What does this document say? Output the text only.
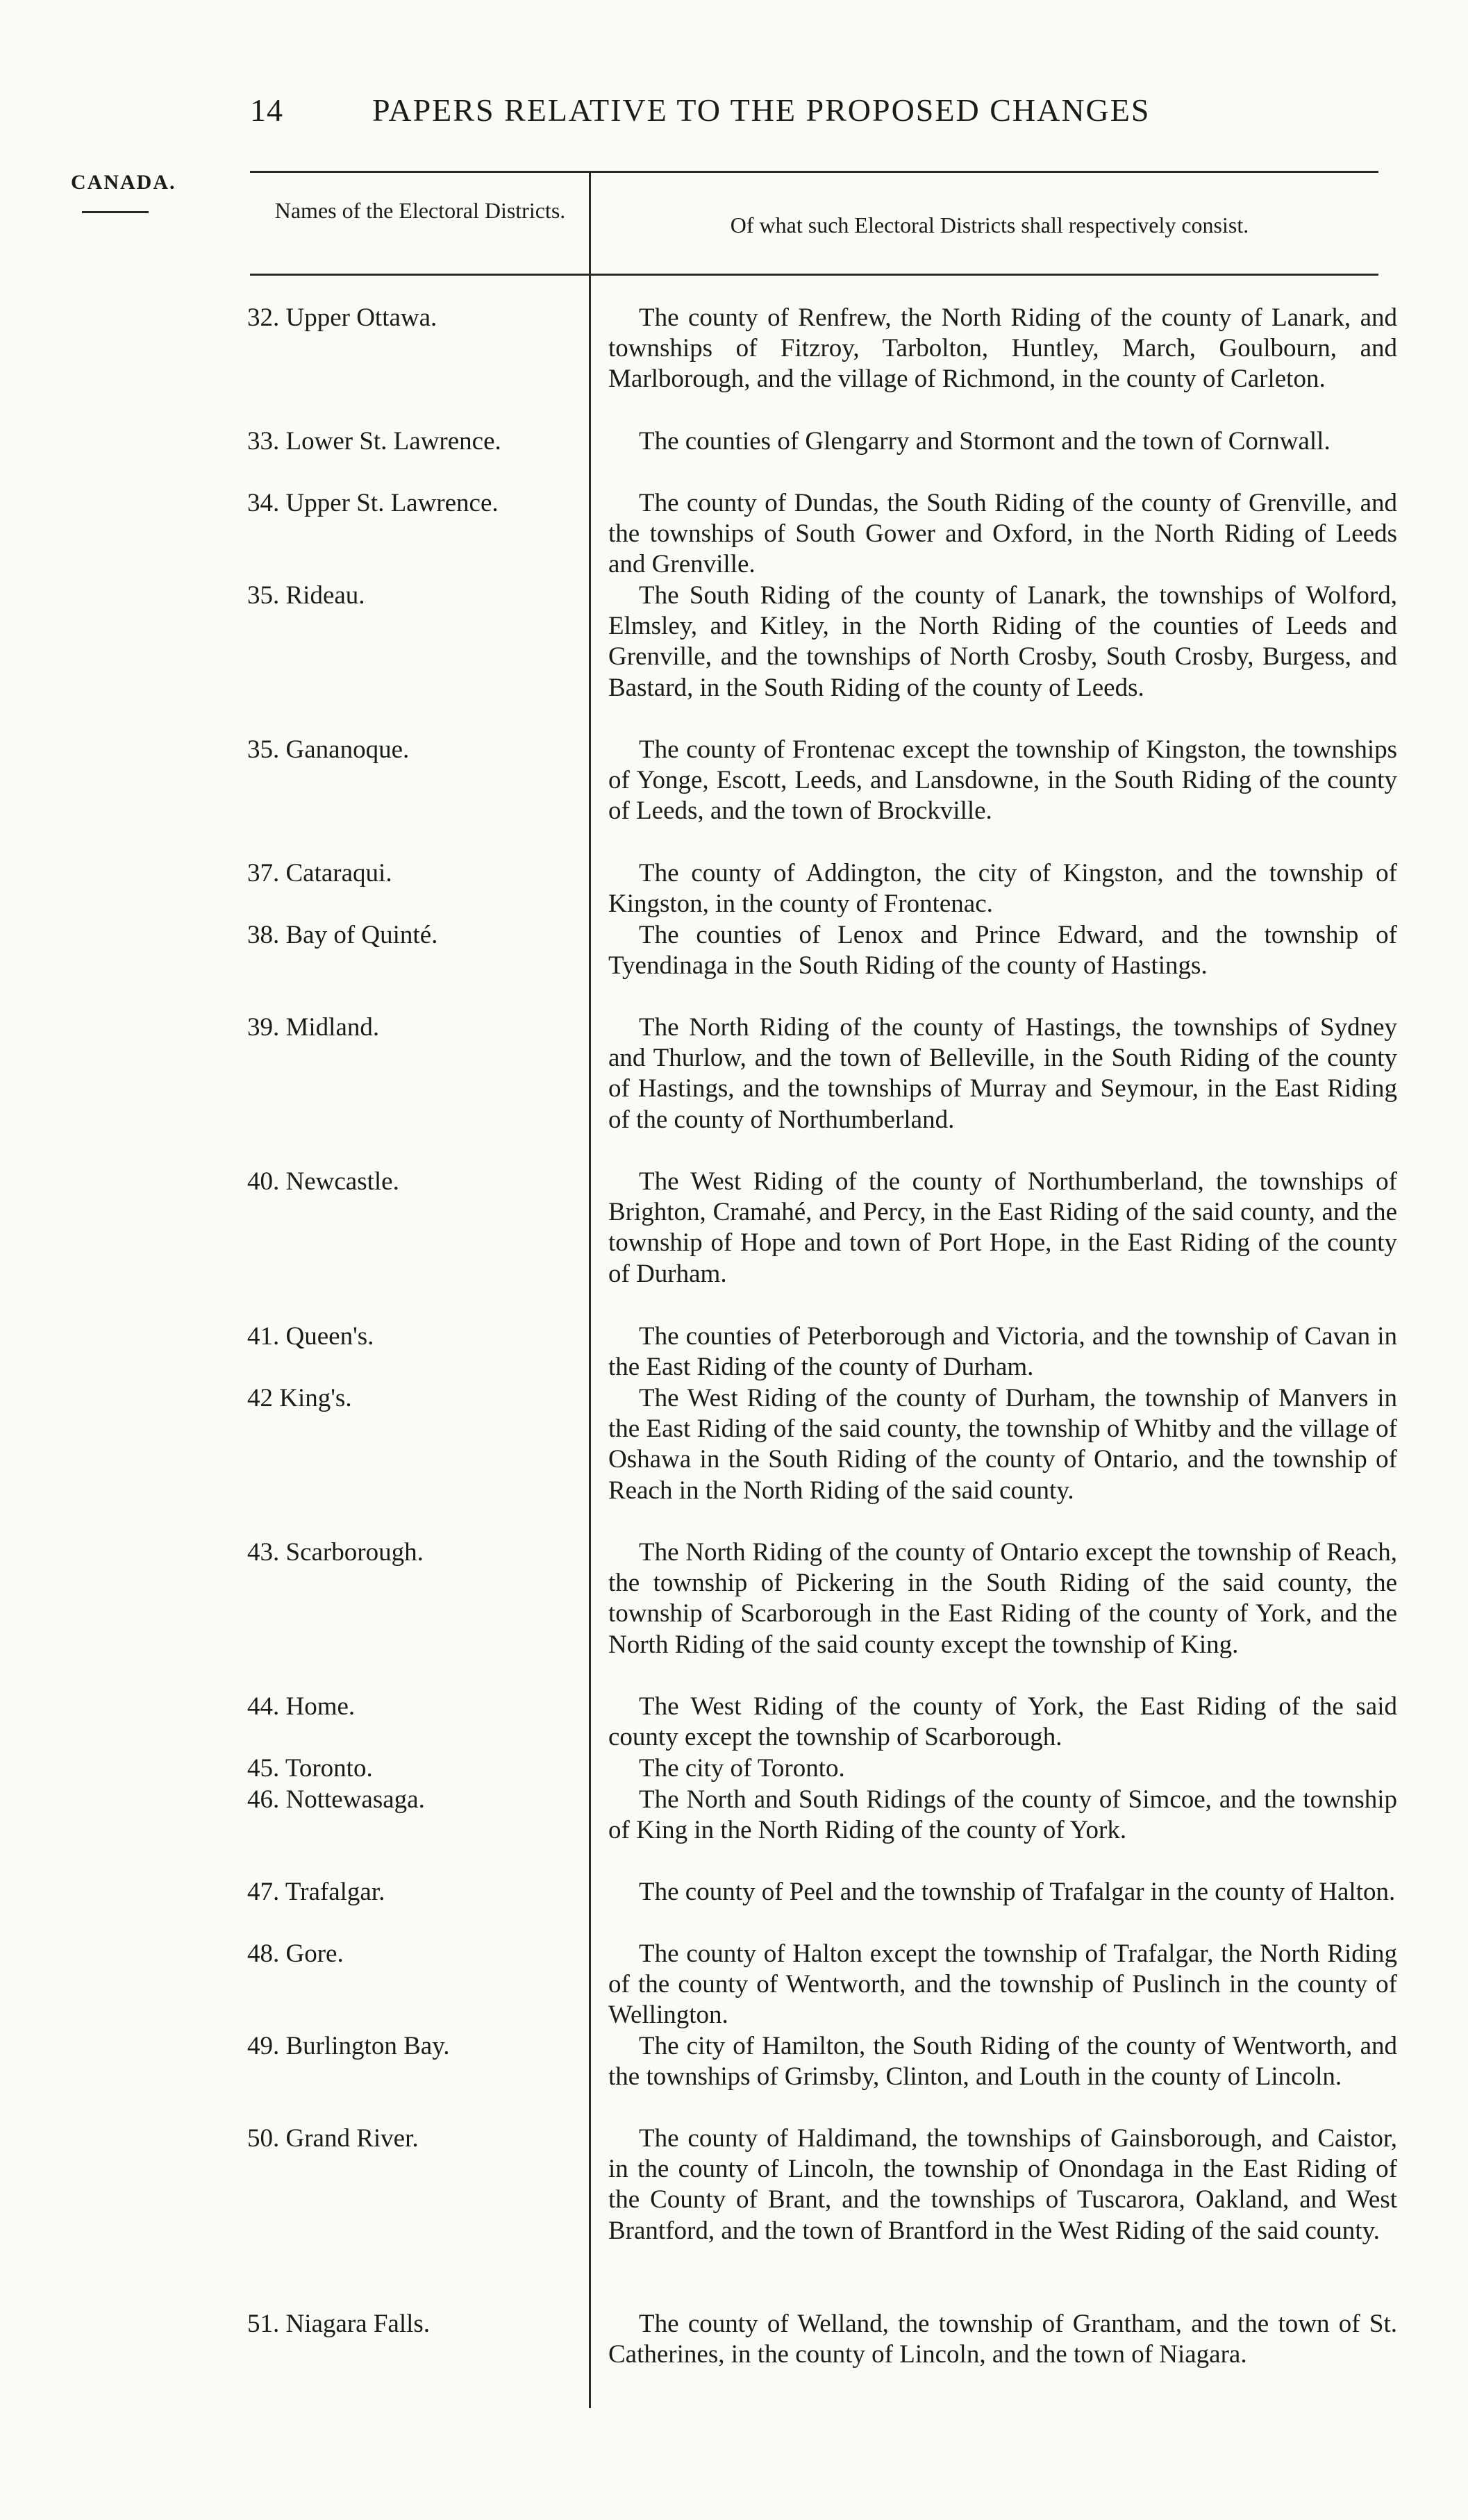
14	PAPERS RELATIVE TO THE PROPOSED CHANGES
CANADA.
Names of the Electoral Districts.
Of what such Electoral Districts shall respectively consist.
32. Upper Ottawa.	The county of Renfrew, the North Riding of the county of Lanark, and townships of Fitzroy, Tarbolton, Huntley, March, Goulbourn, and Marlborough, and the village of Richmond, in the county of Carleton.

33. Lower St. Lawrence.	The counties of Glengarry and Stormont and the town of Cornwall.

34. Upper St. Lawrence.	The county of Dundas, the South Riding of the county of Grenville, and the townships of South Gower and Oxford, in the North Riding of Leeds and Grenville.

35. Rideau.	The South Riding of the county of Lanark, the townships of Wolford, Elmsley, and Kitley, in the North Riding of the counties of Leeds and Grenville, and the townships of North Crosby, South Crosby, Burgess, and Bastard, in the South Riding of the county of Leeds.

35. Gananoque.	The county of Frontenac except the township of Kingston, the townships of Yonge, Escott, Leeds, and Lansdowne, in the South Riding of the county of Leeds, and the town of Brockville.

37. Cataraqui.	The county of Addington, the city of Kingston, and the township of Kingston, in the county of Frontenac.

38. Bay of Quinté.	The counties of Lenox and Prince Edward, and the township of Tyendinaga in the South Riding of the county of Hastings.

39. Midland.	The North Riding of the county of Hastings, the townships of Sydney and Thurlow, and the town of Belleville, in the South Riding of the county of Hastings, and the townships of Murray and Seymour, in the East Riding of the county of Northumberland.

40. Newcastle.	The West Riding of the county of Northumberland, the townships of Brighton, Cramahé, and Percy, in the East Riding of the said county, and the township of Hope and town of Port Hope, in the East Riding of the county of Durham.

41. Queen's.	The counties of Peterborough and Victoria, and the township of Cavan in the East Riding of the county of Durham.

42 King's.	The West Riding of the county of Durham, the township of Manvers in the East Riding of the said county, the township of Whitby and the village of Oshawa in the South Riding of the county of Ontario, and the township of Reach in the North Riding of the said county.

43. Scarborough.	The North Riding of the county of Ontario except the township of Reach, the township of Pickering in the South Riding of the said county, the township of Scarborough in the East Riding of the county of York, and the North Riding of the said county except the township of King.

44. Home.	The West Riding of the county of York, the East Riding of the said county except the township of Scarborough.

45. Toronto.	The city of Toronto.

46. Nottewasaga.	The North and South Ridings of the county of Simcoe, and the township of King in the North Riding of the county of York.

47. Trafalgar.	The county of Peel and the township of Trafalgar in the county of Halton.

48. Gore.	The county of Halton except the township of Trafalgar, the North Riding of the county of Wentworth, and the township of Puslinch in the county of Wellington.

49. Burlington Bay.	The city of Hamilton, the South Riding of the county of Wentworth, and the townships of Grimsby, Clinton, and Louth in the county of Lincoln.

50. Grand River.	The county of Haldimand, the townships of Gainsborough, and Caistor, in the county of Lincoln, the township of Onondaga in the East Riding of the County of Brant, and the townships of Tuscarora, Oakland, and West Brantford, and the town of Brantford in the West Riding of the said county.

51. Niagara Falls.	The county of Welland, the township of Grantham, and the town of St. Catherines, in the county of Lincoln, and the town of Niagara.
